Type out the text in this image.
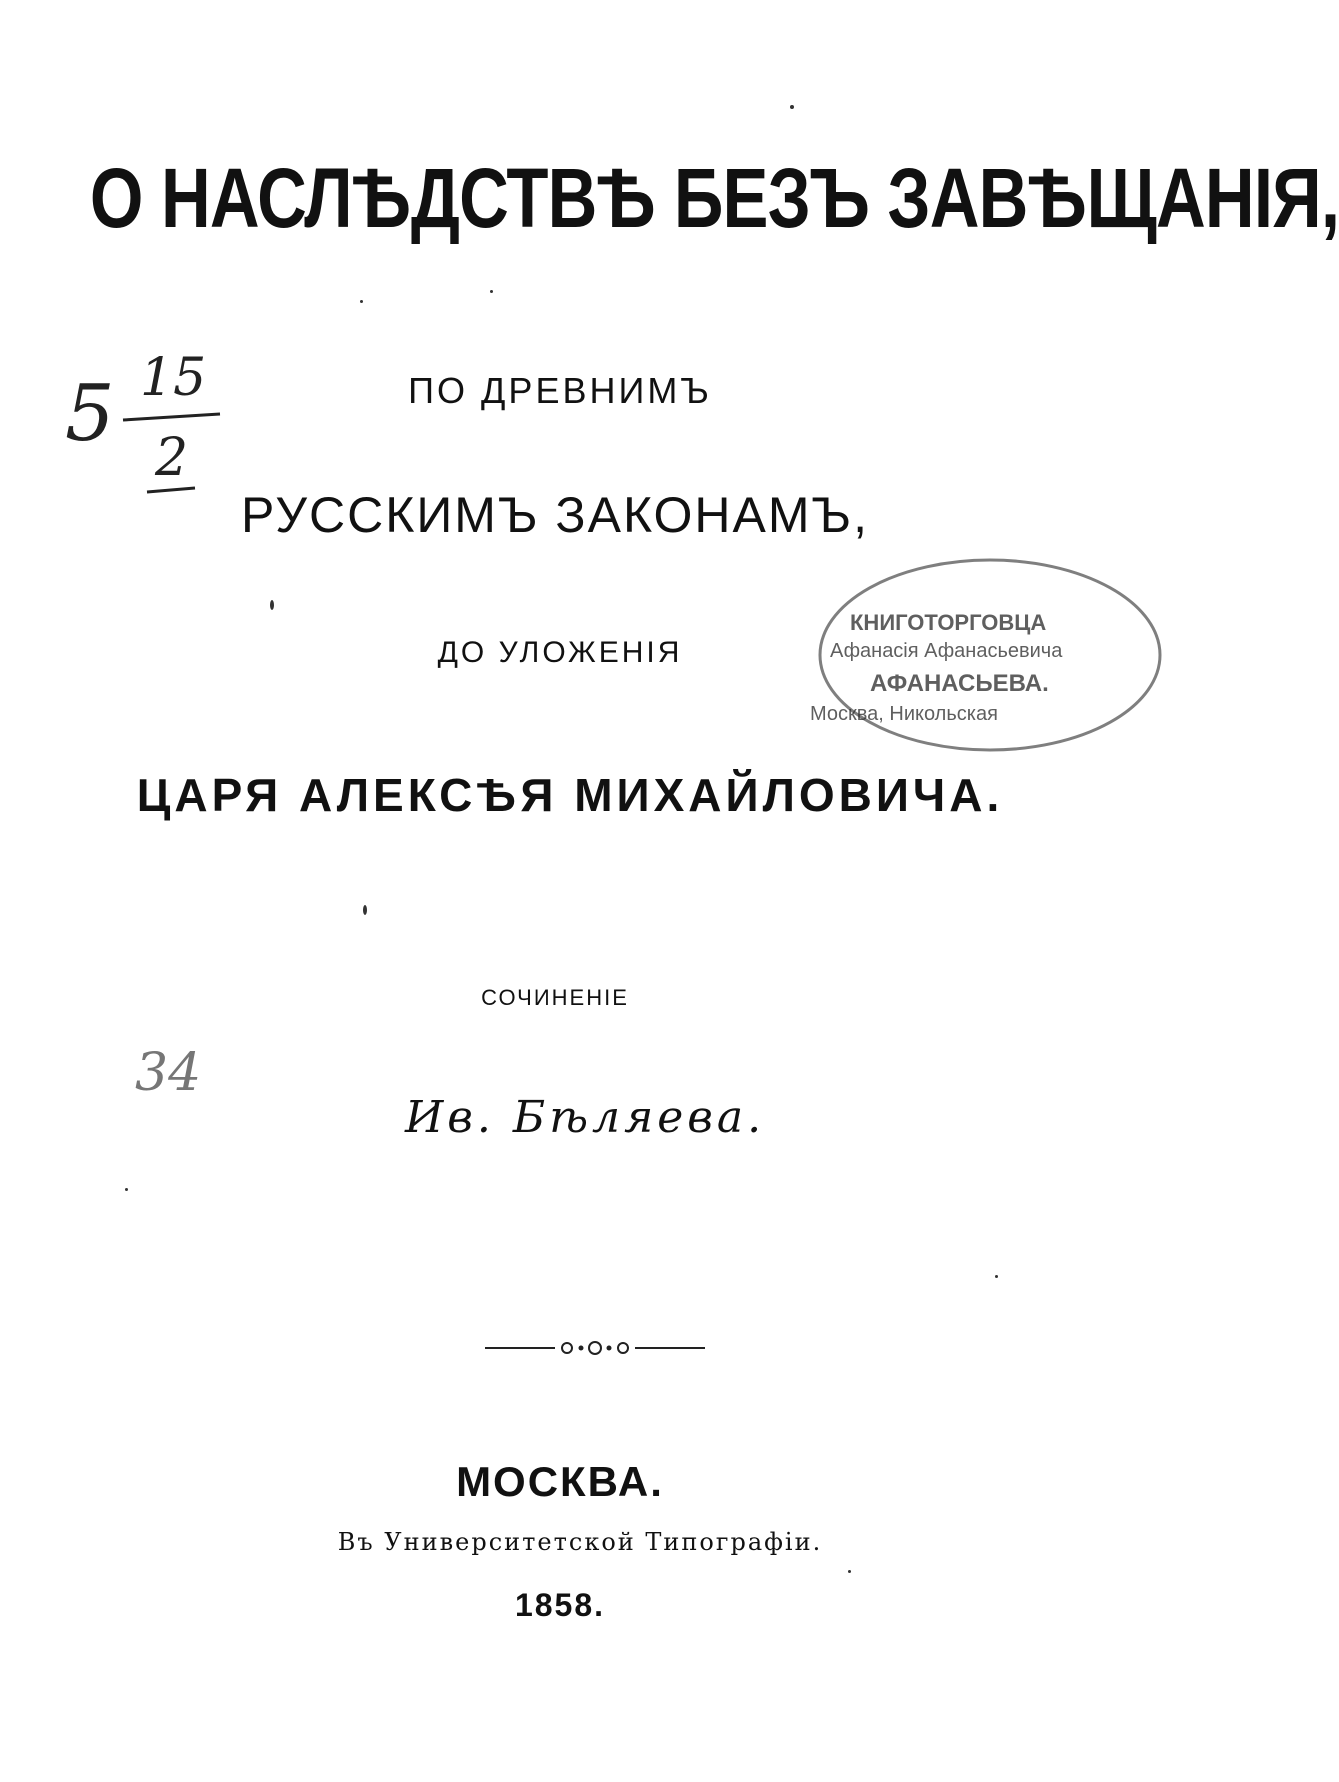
О НАСЛѢДСТВѢ БЕЗЪ ЗАВѢЩАНІЯ,

ПО ДРЕВНИМЪ

РУССКИМЪ ЗАКОНАМЪ,

ДО УЛОЖЕНІЯ

ЦАРЯ АЛЕКСѢЯ МИХАЙЛОВИЧА.

СОЧИНЕНІЕ

Ив. Бѣляева.

МОСКВА.

Въ Университетской Типографіи.

1858.

5 15
2
34
КНИГОТОРГОВЦА
Афанасія Афанасьевича
АФАНАСЬЕВА.
Москва, Никольская
